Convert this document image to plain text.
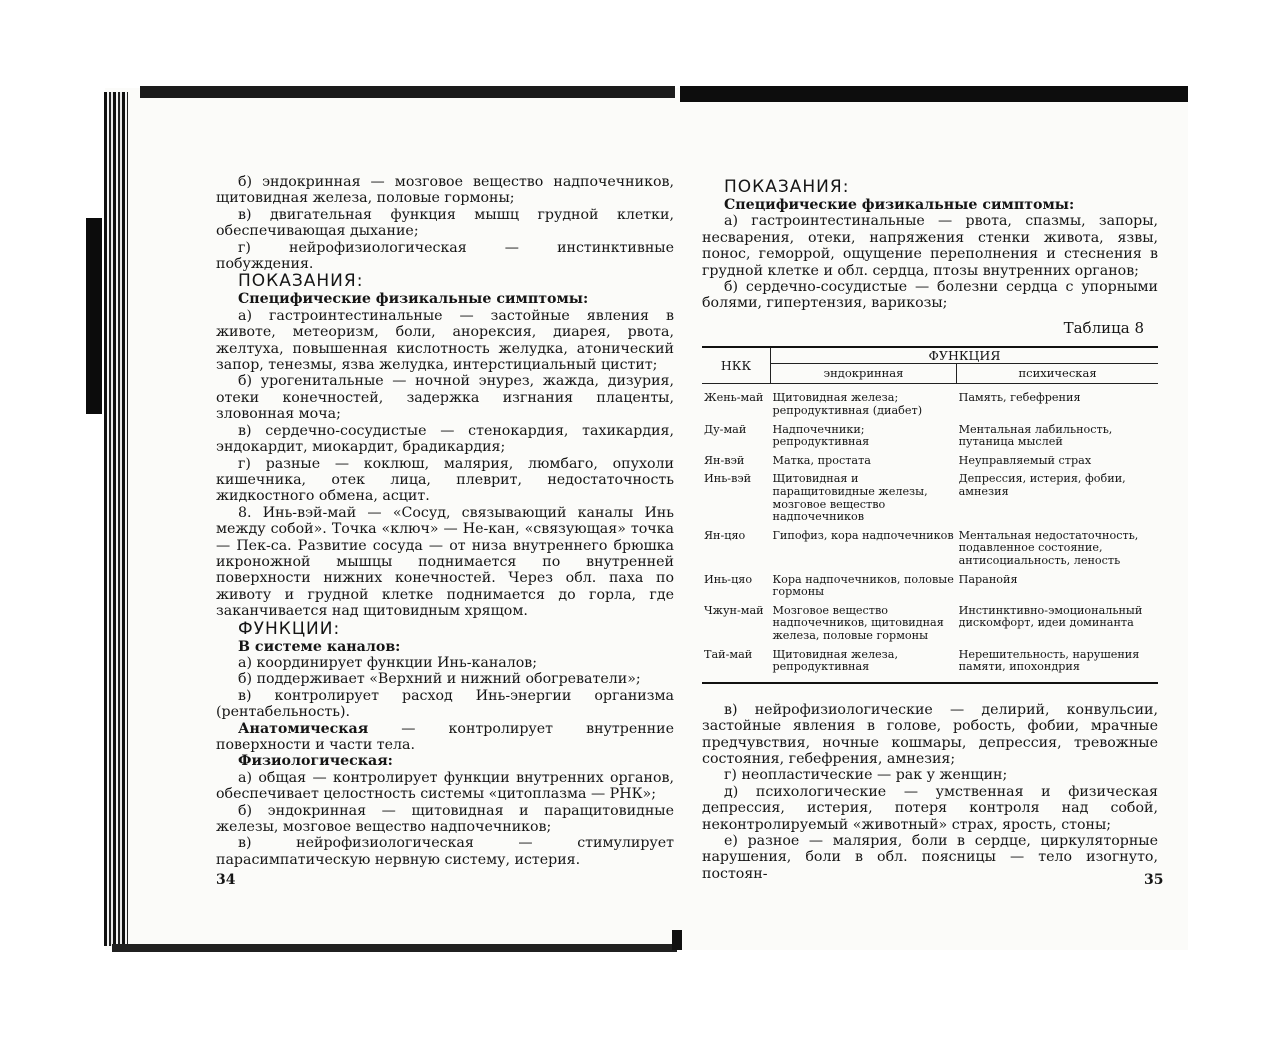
б) эндокринная — мозговое вещество надпочечников, щитовидная железа, половые гормоны;

в) двигательная функция мышц грудной клетки, обеспечивающая дыхание;

г) нейрофизиологическая — инстинктивные побуждения.

ПОКАЗАНИЯ:

Специфические физикальные симптомы:

а) гастроинтестинальные — застойные явления в животе, метеоризм, боли, анорексия, диарея, рвота, желтуха, повышенная кислотность желудка, атонический запор, тенезмы, язва желудка, интерстициальный цистит;

б) урогенитальные — ночной энурез, жажда, дизурия, отеки конечностей, задержка изгнания плаценты, зловонная моча;

в) сердечно-сосудистые — стенокардия, тахикардия, эндокардит, миокардит, брадикардия;

г) разные — коклюш, малярия, люмбаго, опухоли кишечника, отек лица, плеврит, недостаточность жидкостного обмена, асцит.

8. Инь-вэй-май — «Сосуд, связывающий каналы Инь между собой». Точка «ключ» — Не-кан, «связующая» точка — Пек-са. Развитие сосуда — от низа внутреннего брюшка икроножной мышцы поднимается по внутренней поверхности нижних конечностей. Через обл. паха по животу и грудной клетке поднимается до горла, где заканчивается над щитовидным хрящом.

ФУНКЦИИ:

В системе каналов:

а) координирует функции Инь-каналов;

б) поддерживает «Верхний и нижний обогреватели»;

в) контролирует расход Инь-энергии организма (рентабельность).

Анатомическая — контролирует внутренние поверхности и части тела.

Физиологическая:

а) общая — контролирует функции внутренних органов, обеспечивает целостность системы «цитоплазма — РНК»;

б) эндокринная — щитовидная и паращитовидные железы, мозговое вещество надпочечников;

в) нейрофизиологическая — стимулирует парасимпатическую нервную систему, истерия.

34
ПОКАЗАНИЯ:

Специфические физикальные симптомы:

а) гастроинтестинальные — рвота, спазмы, запоры, несварения, отеки, напряжения стенки живота, язвы, понос, геморрой, ощущение переполнения и стеснения в грудной клетке и обл. сердца, птозы внутренних органов;

б) сердечно-сосудистые — болезни сердца с упорными болями, гипертензия, варикозы;

Таблица 8
НКК	ФУНКЦИЯ	
	эндокринная	психическая

Жень-май	Щитовидная железа; репродуктивная (диабет)	Память, гебефрения
Ду-май	Надпочечники; репродуктивная	Ментальная лабильность, путаница мыслей
Ян-вэй	Матка, простата	Неуправляемый страх
Инь-вэй	Щитовидная и паращитовидные железы, мозговое вещество надпочечников	Депрессия, истерия, фобии, амнезия
Ян-цяо	Гипофиз, кора надпочечников	Ментальная недостаточность, подавленное состояние, антисоциальность, леность
Инь-цяо	Кора надпочечников, половые гормоны	Паранойя
Чжун-май	Мозговое вещество надпочечников, щитовидная железа, половые гормоны	Инстинктивно-эмоциональный дискомфорт, идеи доминанта
Тай-май	Щитовидная железа, репродуктивная	Нерешительность, нарушения памяти, ипохондрия

в) нейрофизиологические — делирий, конвульсии, застойные явления в голове, робость, фобии, мрачные предчувствия, ночные кошмары, депрессия, тревожные состояния, гебефрения, амнезия;

г) неопластические — рак у женщин;

д) психологические — умственная и физическая депрессия, истерия, потеря контроля над собой, неконтролируемый «животный» страх, ярость, стоны;

е) разное — малярия, боли в сердце, циркуляторные нарушения, боли в обл. поясницы — тело изогнуто, постоян-	35
